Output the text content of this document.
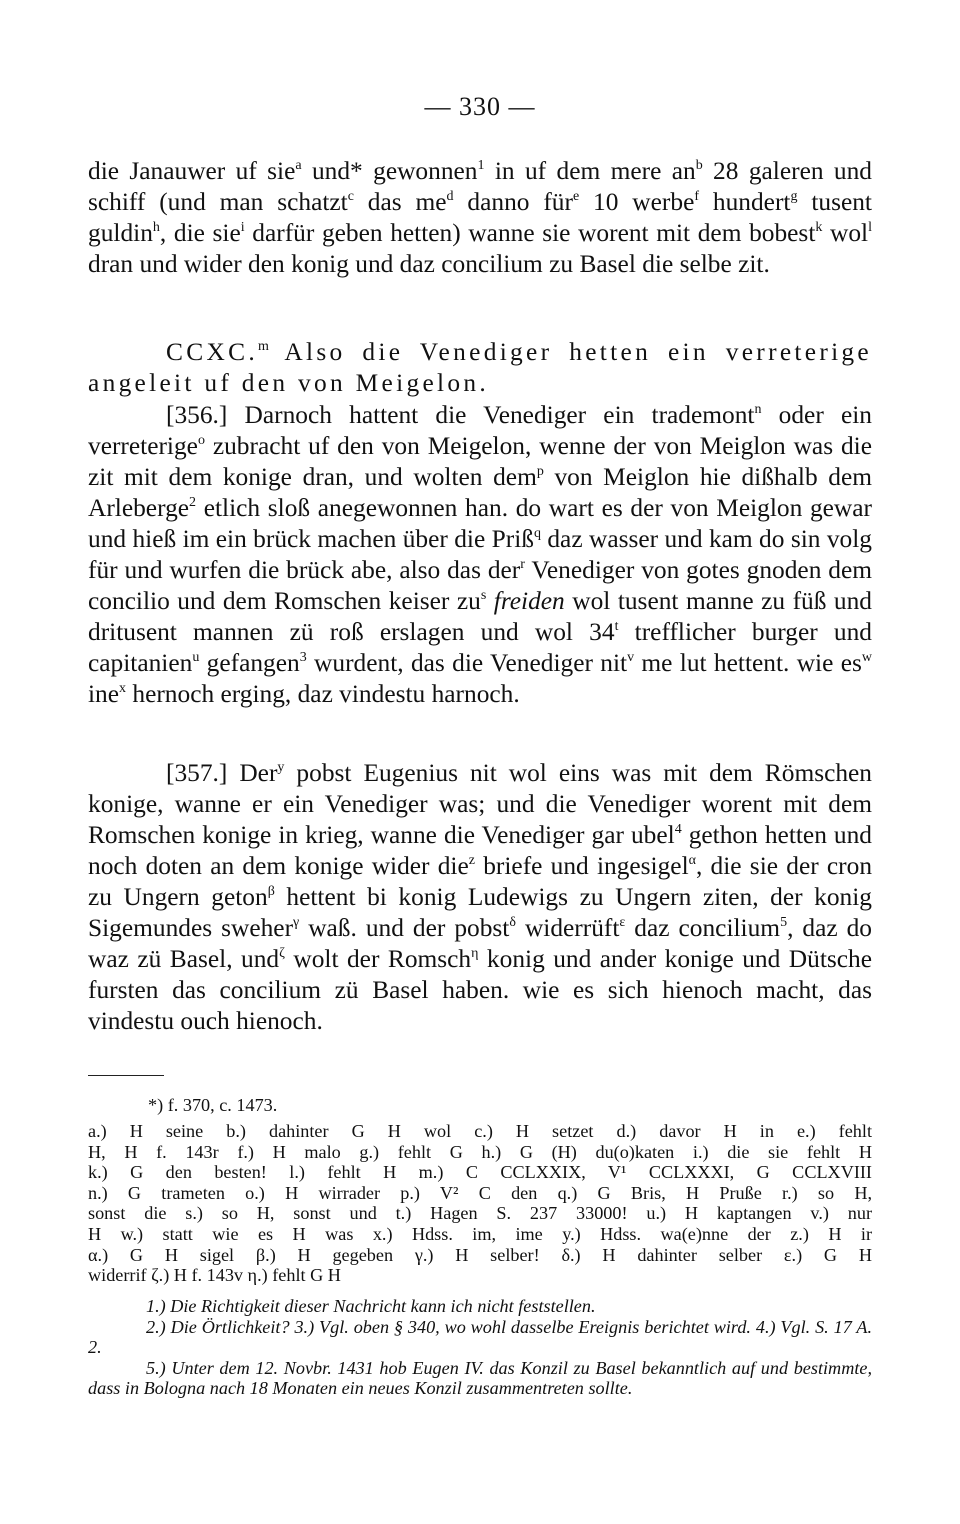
— 330 —

die Janauwer uf sie$^a$ und* gewonnen$^1$ in uf dem mere $an^b$ 28 galeren und schiff (und man schatzt$^c$ das $me^d$ danno für$^e$ 10 werbe$^f$ hundert$^g$ tusent guldin$^h$, die sie$^i$ darfür geben hetten) wanne sie worent mit dem bobest$^k$ wol$^l$ dran und wider den konig und daz concilium zu Basel die selbe zit.

CCXC.$^m$ Also die Venediger hetten ein verreterige angeleit uf den von Meigelon.

[356.] Darnoch hattent die Venediger ein trademont$^n$ oder ein verreterige$^o$ zubracht uf den von Meigelon, wenne der von Meiglon was die zit mit dem konige dran, und wolten dem$^p$ von Meiglon hie dißhalb dem Arleberge$^2$ etlich sloß anegewonnen han. do wart es der von Meiglon gewar und hieß im ein brück machen über die Priß$^q$ daz wasser und kam do sin volg für und wurfen die brück abe, also das der$^r$ Venediger von gotes gnoden dem concilio und dem Romschen keiser $zu^s$ freiden wol tusent manne zu füß und dritusent mannen zü roß erslagen und wol 34$^t$ trefflicher burger und capitanien$^u$ gefangen$^3$ wurdent, das die Venediger nit$^v$ me lut hettent. wie $es^w$ ine$^x$ hernoch erging, daz vindestu harnoch.

[357.] Der$^y$ pobst Eugenius nit wol eins was mit dem Römschen konige, wanne er ein Venediger was; und die Venediger worent mit dem Romschen konige in krieg, wanne die Venediger gar ubel$^4$ gethon hetten und noch doten an dem konige wider die$^z$ briefe und ingesigel$^\alpha$, die sie der cron zu Ungern geton$^\beta$ hettent bi konig Ludewigs zu Ungern ziten, der konig Sigemundes sweher$^\gamma$ waß. und der pobst$^\delta$ widerrüft$^\varepsilon$ daz concilium$^5$, daz do waz zü Basel, und$^\zeta$ wolt der Romsch$^\eta$ konig und ander konige und Dütsche fursten das concilium zü Basel haben. wie es sich hienoch macht, das vindestu ouch hienoch.

*) f. 370, c. 1473.
a.) H seine b.) dahinter G H wol c.) H setzet d.) davor H in e.) fehlt
H, H f. 143r f.) H malo g.) fehlt G h.) G (H) du(o)katen i.) die sie fehlt H
k.) G den besten! l.) fehlt H m.) C CCLXXIX, V¹ CCLXXXI, G CCLXVIII
n.) G trameten o.) H wirrader p.) V² C den q.) G Bris, H Pruße r.) so H,
sonst die s.) so H, sonst und t.) Hagen S. 237 33000! u.) H kaptangen v.) nur
H w.) statt wie es H was x.) Hdss. im, ime y.) Hdss. wa(e)nne der z.) H ir
α.) G H sigel β.) H gegeben γ.) H selber! δ.) H dahinter selber ε.) G H
widerrif ζ.) H f. 143v η.) fehlt G H

1.) Die Richtigkeit dieser Nachricht kann ich nicht feststellen.

2.) Die Örtlichkeit? 3.) Vgl. oben § 340, wo wohl dasselbe Ereignis berichtet wird. 4.) Vgl. S. 17 A. 2.

5.) Unter dem 12. Novbr. 1431 hob Eugen IV. das Konzil zu Basel bekanntlich auf und bestimmte, dass in Bologna nach 18 Monaten ein neues Konzil zusammentreten sollte.
